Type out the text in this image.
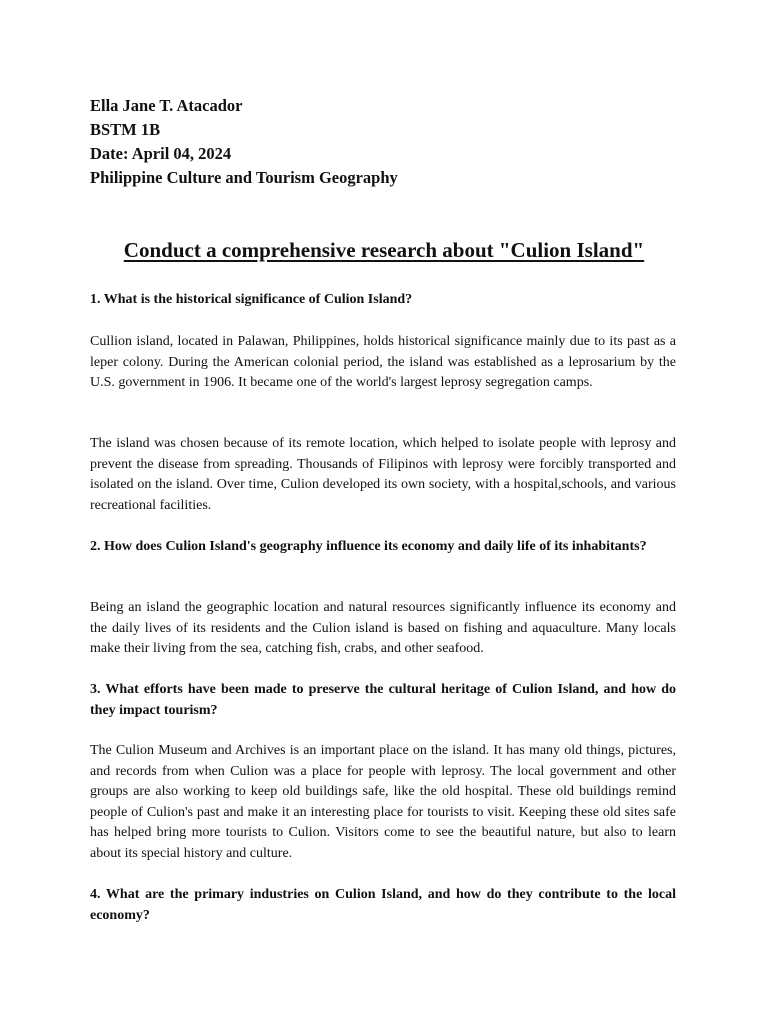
Ella Jane T. Atacador

BSTM 1B

Date: April 04, 2024

Philippine Culture and Tourism Geography

Conduct a comprehensive research about "Culion Island"

1. What is the historical significance of Culion Island?

Cullion island, located in Palawan, Philippines, holds historical significance mainly due to its past as a leper colony. During the American colonial period, the island was established as a leprosarium by the U.S. government in 1906. It became one of the world's largest leprosy segregation camps.

The island was chosen because of its remote location, which helped to isolate people with leprosy and prevent the disease from spreading. Thousands of Filipinos with leprosy were forcibly transported and isolated on the island. Over time, Culion developed its own society, with a hospital,schools, and various recreational facilities.

2. How does Culion Island's geography influence its economy and daily life of its inhabitants?

Being an island the geographic location and natural resources significantly influence its economy and the daily lives of its residents and the Culion island is based on fishing and aquaculture. Many locals make their living from the sea, catching fish, crabs, and other seafood.

3. What efforts have been made to preserve the cultural heritage of Culion Island, and how do they impact tourism?

The Culion Museum and Archives is an important place on the island. It has many old things, pictures, and records from when Culion was a place for people with leprosy. The local government and other groups are also working to keep old buildings safe, like the old hospital. These old buildings remind people of Culion's past and make it an interesting place for tourists to visit. Keeping these old sites safe has helped bring more tourists to Culion. Visitors come to see the beautiful nature, but also to learn about its special history and culture.

4. What are the primary industries on Culion Island, and how do they contribute to the local economy?
